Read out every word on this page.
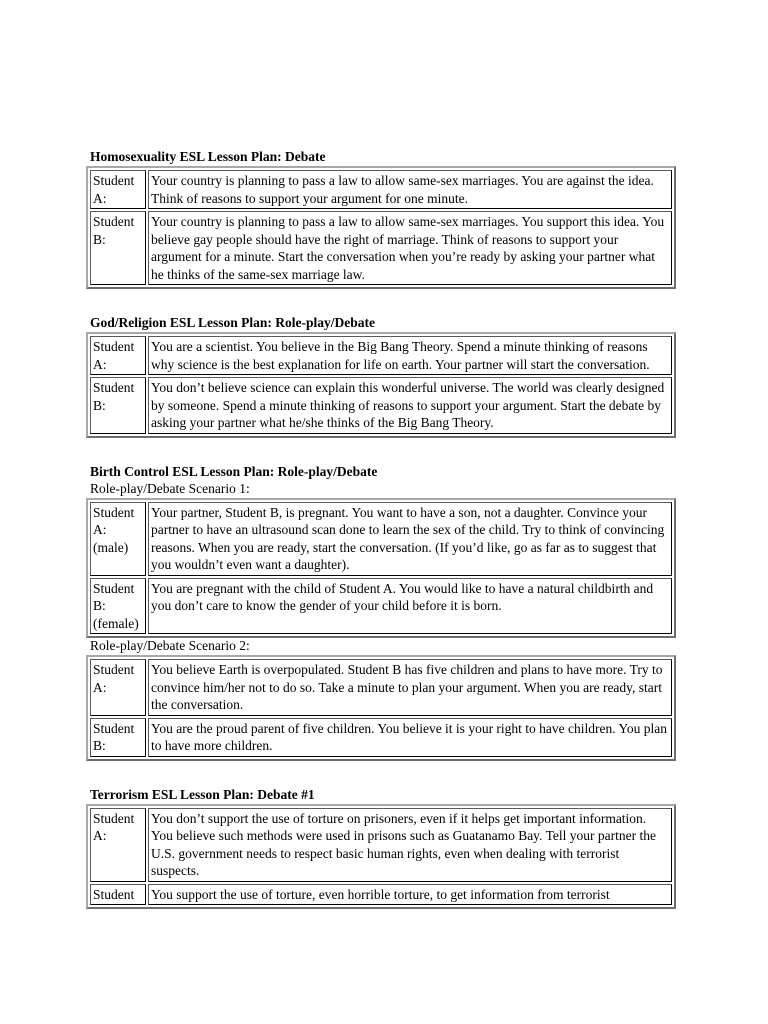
Homosexuality ESL Lesson Plan: Debate
Student A:	Your country is planning to pass a law to allow same-sex marriages. You are against the idea. Think of reasons to support your argument for one minute.
Student B:	Your country is planning to pass a law to allow same-sex marriages. You support this idea. You believe gay people should have the right of marriage. Think of reasons to support your argument for a minute. Start the conversation when you’re ready by asking your partner what he thinks of the same-sex marriage law.
God/Religion ESL Lesson Plan: Role-play/Debate
Student A:	You are a scientist. You believe in the Big Bang Theory. Spend a minute thinking of reasons why science is the best explanation for life on earth. Your partner will start the conversation.
Student B:	You don’t believe science can explain this wonderful universe. The world was clearly designed by someone. Spend a minute thinking of reasons to support your argument. Start the debate by asking your partner what he/she thinks of the Big Bang Theory.
Birth Control ESL Lesson Plan: Role-play/Debate
Role-play/Debate Scenario 1:
Student A: (male)	Your partner, Student B, is pregnant. You want to have a son, not a daughter. Convince your partner to have an ultrasound scan done to learn the sex of the child. Try to think of convincing reasons. When you are ready, start the conversation. (If you’d like, go as far as to suggest that you wouldn’t even want a daughter).
Student B: (female)	You are pregnant with the child of Student A. You would like to have a natural childbirth and you don’t care to know the gender of your child before it is born.
Role-play/Debate Scenario 2:
Student A:	You believe Earth is overpopulated. Student B has five children and plans to have more. Try to convince him/her not to do so. Take a minute to plan your argument. When you are ready, start the conversation.
Student B:	You are the proud parent of five children. You believe it is your right to have children. You plan to have more children.
Terrorism ESL Lesson Plan: Debate #1
Student A:	You don’t support the use of torture on prisoners, even if it helps get important information. You believe such methods were used in prisons such as Guatanamo Bay. Tell your partner the U.S. government needs to respect basic human rights, even when dealing with terrorist suspects.
Student	You support the use of torture, even horrible torture, to get information from terrorist
